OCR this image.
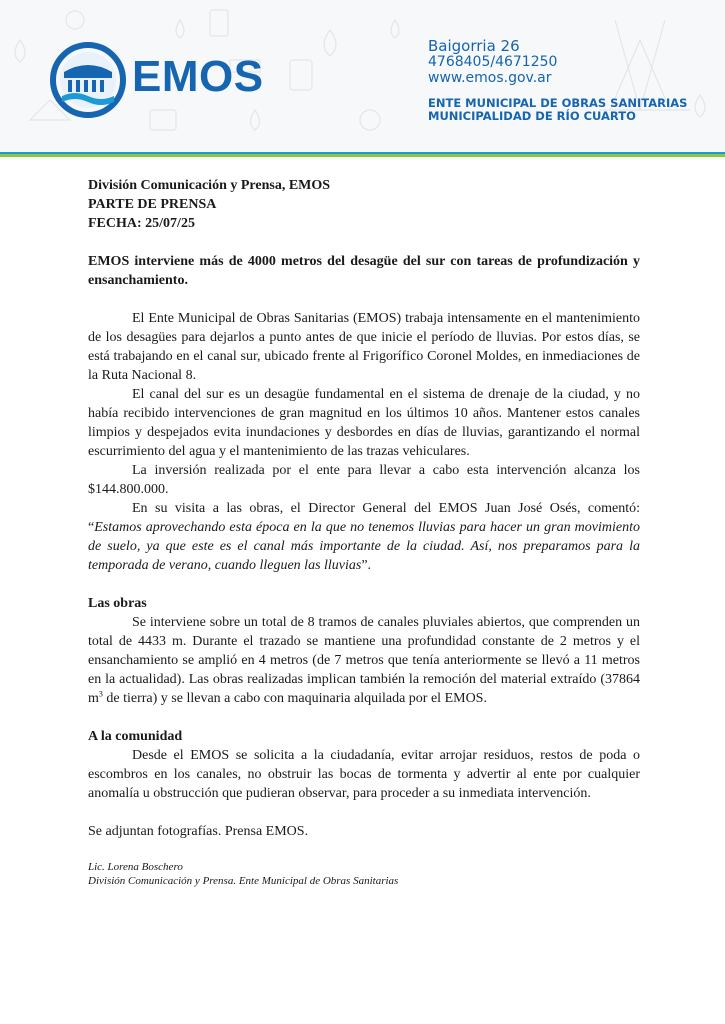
EMOS
Baigorria 26
4768405/4671250
www.emos.gov.ar
ENTE MUNICIPAL DE OBRAS SANITARIAS
MUNICIPALIDAD DE RÍO CUARTO

División Comunicación y Prensa, EMOS

PARTE DE PRENSA

FECHA: 25/07/25

EMOS interviene más de 4000 metros del desagüe del sur con tareas de profundización y ensanchamiento.

El Ente Municipal de Obras Sanitarias (EMOS) trabaja intensamente en el mantenimiento de los desagües para dejarlos a punto antes de que inicie el período de lluvias. Por estos días, se está trabajando en el canal sur, ubicado frente al Frigorífico Coronel Moldes, en inmediaciones de la Ruta Nacional 8.

El canal del sur es un desagüe fundamental en el sistema de drenaje de la ciudad, y no había recibido intervenciones de gran magnitud en los últimos 10 años. Mantener estos canales limpios y despejados evita inundaciones y desbordes en días de lluvias, garantizando el normal escurrimiento del agua y el mantenimiento de las trazas vehiculares.

La inversión realizada por el ente para llevar a cabo esta intervención alcanza los $144.800.000.

En su visita a las obras, el Director General del EMOS Juan José Osés, comentó: “Estamos aprovechando esta época en la que no tenemos lluvias para hacer un gran movimiento de suelo, ya que este es el canal más importante de la ciudad. Así, nos preparamos para la temporada de verano, cuando lleguen las lluvias”.

Las obras

Se interviene sobre un total de 8 tramos de canales pluviales abiertos, que comprenden un total de 4433 m. Durante el trazado se mantiene una profundidad constante de 2 metros y el ensanchamiento se amplió en 4 metros (de 7 metros que tenía anteriormente se llevó a 11 metros en la actualidad). Las obras realizadas implican también la remoción del material extraído (37864 $m^3$ de tierra) y se llevan a cabo con maquinaria alquilada por el EMOS.

A la comunidad

Desde el EMOS se solicita a la ciudadanía, evitar arrojar residuos, restos de poda o escombros en los canales, no obstruir las bocas de tormenta y advertir al ente por cualquier anomalía u obstrucción que pudieran observar, para proceder a su inmediata intervención.

Se adjuntan fotografías. Prensa EMOS.

Lic. Lorena Boschero

División Comunicación y Prensa. Ente Municipal de Obras Sanitarias
